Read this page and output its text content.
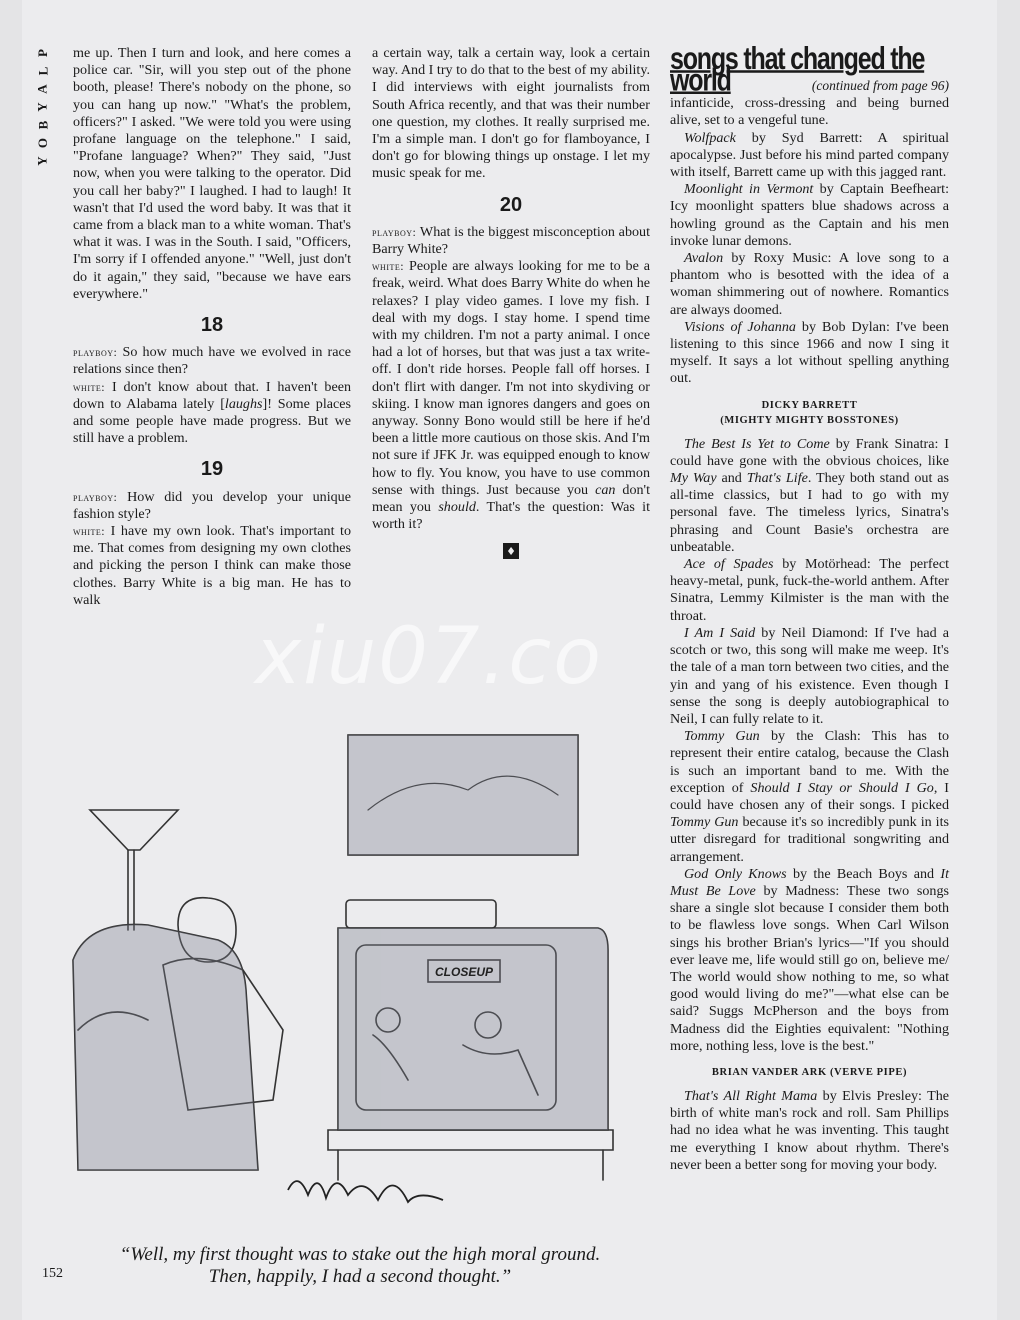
P
L
A
Y
B
O
Y

me up. Then I turn and look, and here comes a police car. "Sir, will you step out of the phone booth, please! There's nobody on the phone, so you can hang up now." "What's the problem, officers?" I asked. "We were told you were using profane language on the telephone." I said, "Profane language? When?" They said, "Just now, when you were talking to the operator. Did you call her baby?" I laughed. I had to laugh! It wasn't that I'd used the word baby. It was that it came from a black man to a white woman. That's what it was. I was in the South. I said, "Officers, I'm sorry if I offended anyone." "Well, just don't do it again," they said, "because we have ears everywhere."

18

playboy: So how much have we evolved in race relations since then?

white: I don't know about that. I haven't been down to Alabama lately [laughs]! Some places and some people have made progress. But we still have a problem.

19

playboy: How did you develop your unique fashion style?

white: I have my own look. That's important to me. That comes from designing my own clothes and picking the person I think can make those clothes. Barry White is a big man. He has to walk

a certain way, talk a certain way, look a certain way. And I try to do that to the best of my ability. I did interviews with eight journalists from South Africa recently, and that was their number one question, my clothes. It really surprised me. I'm a simple man. I don't go for flamboyance, I don't go for blowing things up onstage. I let my music speak for me.

20

playboy: What is the biggest misconception about Barry White?

white: People are always looking for me to be a freak, weird. What does Barry White do when he relaxes? I play video games. I love my fish. I deal with my dogs. I stay home. I spend time with my children. I'm not a party animal. I once had a lot of horses, but that was just a tax write-off. I don't ride horses. People fall off horses. I don't flirt with danger. I'm not into skydiving or skiing. I know man ignores dangers and goes on anyway. Sonny Bono would still be here if he'd been a little more cautious on those skis. And I'm not sure if JFK Jr. was equipped enough to know how to fly. You know, you have to use common sense with things. Just because you can don't mean you should. That's the question: Was it worth it?

♦
songs that changed the world	(continued from page 96)

infanticide, cross-dressing and being burned alive, set to a vengeful tune.

Wolfpack by Syd Barrett: A spiritual apocalypse. Just before his mind parted company with itself, Barrett came up with this jagged rant.

Moonlight in Vermont by Captain Beefheart: Icy moonlight spatters blue shadows across a howling ground as the Captain and his men invoke lunar demons.

Avalon by Roxy Music: A love song to a phantom who is besotted with the idea of a woman shimmering out of nowhere. Romantics are always doomed.

Visions of Johanna by Bob Dylan: I've been listening to this since 1966 and now I sing it myself. It says a lot without spelling anything out.

DICKY BARRETT
(MIGHTY MIGHTY BOSSTONES)

The Best Is Yet to Come by Frank Sinatra: I could have gone with the obvious choices, like My Way and That's Life. They both stand out as all-time classics, but I had to go with my personal fave. The timeless lyrics, Sinatra's phrasing and Count Basie's orchestra are unbeatable.

Ace of Spades by Motörhead: The perfect heavy-metal, punk, fuck-the-world anthem. After Sinatra, Lemmy Kilmister is the man with the throat.

I Am I Said by Neil Diamond: If I've had a scotch or two, this song will make me weep. It's the tale of a man torn between two cities, and the yin and yang of his existence. Even though I sense the song is deeply autobiographical to Neil, I can fully relate to it.

Tommy Gun by the Clash: This has to represent their entire catalog, because the Clash is such an important band to me. With the exception of Should I Stay or Should I Go, I could have chosen any of their songs. I picked Tommy Gun because it's so incredibly punk in its utter disregard for traditional songwriting and arrangement.

God Only Knows by the Beach Boys and It Must Be Love by Madness: These two songs share a single slot because I consider them both to be flawless love songs. When Carl Wilson sings his brother Brian's lyrics—"If you should ever leave me, life would still go on, believe me/ The world would show nothing to me, so what good would living do me?"—what else can be said? Suggs McPherson and the boys from Madness did the Eighties equivalent: "Nothing more, nothing less, love is the best."

BRIAN VANDER ARK (VERVE PIPE)

That's All Right Mama by Elvis Presley: The birth of white man's rock and roll. Sam Phillips had no idea what he was inventing. This taught me everything I know about rhythm. There's never been a better song for moving your body.

CLOSEUP
“Well, my first thought was to stake out the high moral ground.
Then, happily, I had a second thought.”
152
xiu07.co
